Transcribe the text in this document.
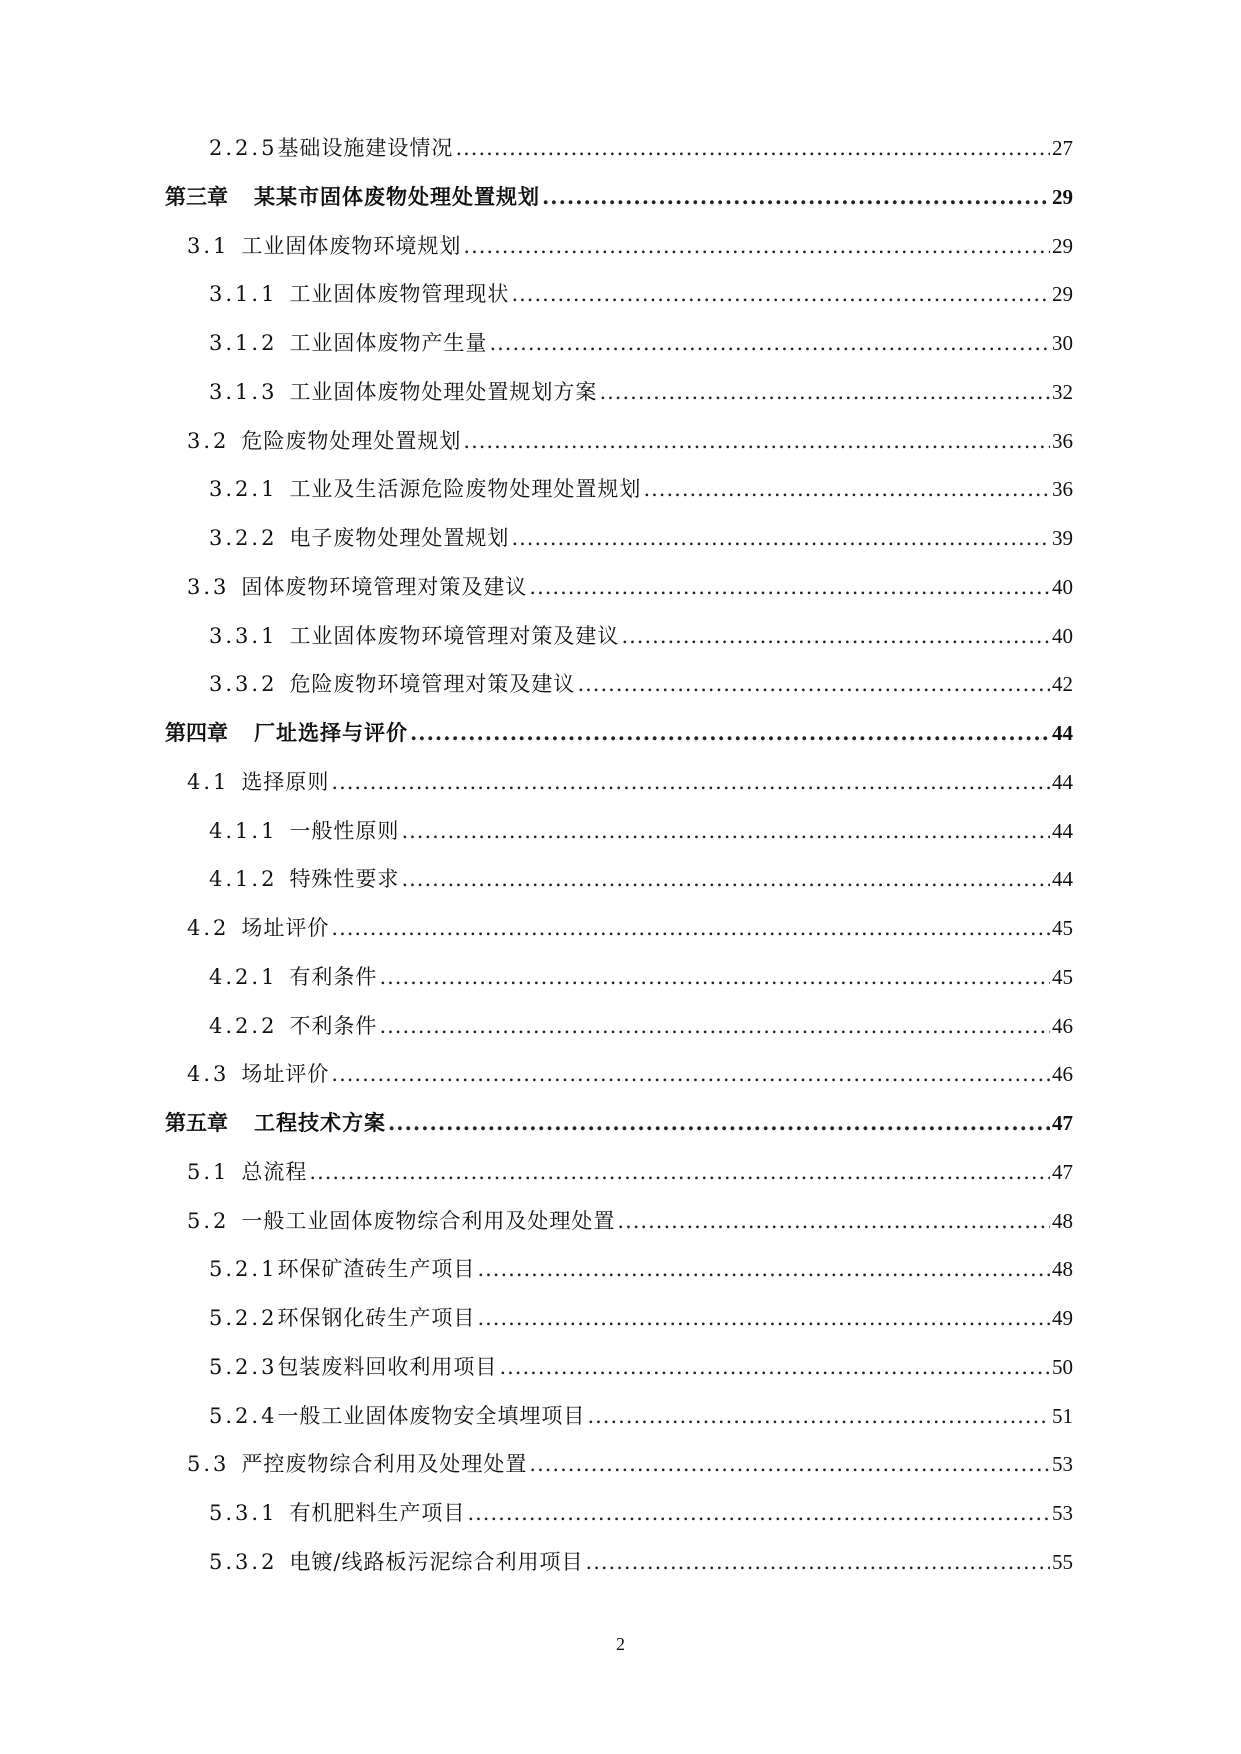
2.2.5 基础设施建设情况 .....	27
第三章 某某市固体废物处理处置规划 .....	29
3.1 工业固体废物环境规划 .....	29
3.1.1 工业固体废物管理现状 .....	29
3.1.2 工业固体废物产生量 .....	30
3.1.3 工业固体废物处理处置规划方案 .....	32
3.2 危险废物处理处置规划 .....	36
3.2.1 工业及生活源危险废物处理处置规划 .....	36
3.2.2 电子废物处理处置规划 .....	39
3.3 固体废物环境管理对策及建议 .....	40
3.3.1 工业固体废物环境管理对策及建议 .....	40
3.3.2 危险废物环境管理对策及建议 .....	42
第四章 厂址选择与评价 .....	44
4.1 选择原则 .....	44
4.1.1 一般性原则 .....	44
4.1.2 特殊性要求 .....	44
4.2 场址评价 .....	45
4.2.1 有利条件 .....	45
4.2.2 不利条件 .....	46
4.3 场址评价 .....	46
第五章 工程技术方案 .....	47
5.1 总流程 .....	47
5.2 一般工业固体废物综合利用及处理处置 .....	48
5.2.1 环保矿渣砖生产项目 .....	48
5.2.2 环保钢化砖生产项目 .....	49
5.2.3 包装废料回收利用项目 .....	50
5.2.4 一般工业固体废物安全填埋项目 .....	51
5.3 严控废物综合利用及处理处置 .....	53
5.3.1 有机肥料生产项目 .....	53
5.3.2 电镀/线路板污泥综合利用项目 .....	55
2
